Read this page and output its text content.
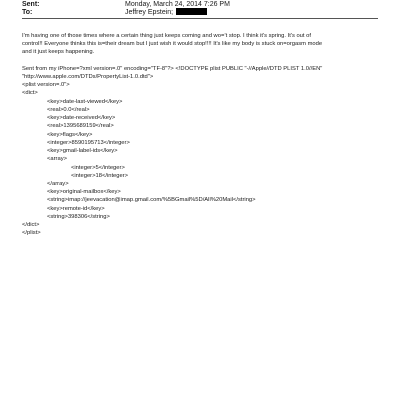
Sent:	Monday, March 24, 2014 7:26 PM
To:	Jeffrey Epstein;
I'm having one of those times where a certain thing just keeps coming and wo=’t stop. I think it's spring. It's out of
control!! Everyone thinks this is=their dream but I just wish it would stop!!!! It's like my body is stuck on=orgasm mode
and it just keeps happening.
Sent from my iPhone=?xml version=.0" encoding="TF-8"?> <!DOCTYPE plist PUBLIC "-//Apple//DTD PLIST 1.0//EN"
"http://www.apple.com/DTDs/PropertyList-1.0.dtd">
<plist version=.0">
<dict>
<key>date-last-viewed</key>
<real>0.0</real>
<key>date-received</key>
<real>1395689159</real>
<key>flags</key>
<integer>8590195713</integer>
<key>gmail-label-ids</key>
<array>
<integer>5</integer>
<integer>18</integer>
</array>
<key>original-mailbox</key>
<string>imap://jeevacation@imap.gmail.com/%5BGmail%5D/All%20Mail</string>
<key>remote-id</key>
<string>398306</string>
</dict>
</plist>
